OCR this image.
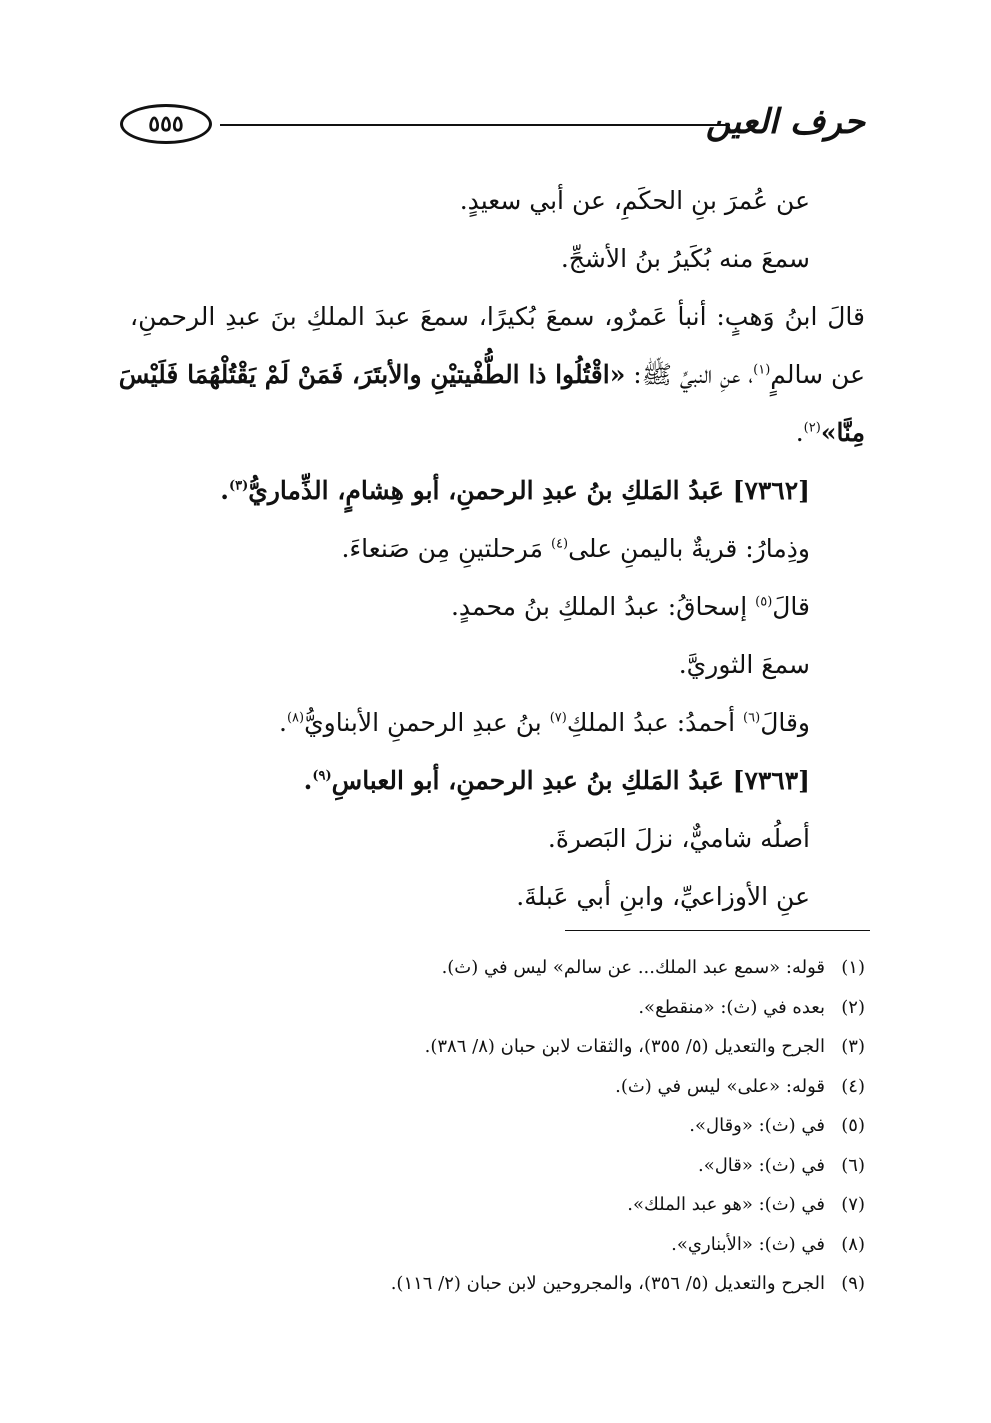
حرف العين
٥٥٥
عن عُمرَ بنِ الحكَمِ، عن أبي سعيدٍ.
سمعَ منه بُكَيرُ بنُ الأشجِّ.
قالَ ابنُ وَهبٍ: أنبأ عَمرٌو، سمعَ بُكيرًا، سمعَ عبدَ الملكِ بنَ عبدِ الرحمنِ،
عن سالمٍ$^{(١)}$، عنِ النبيِّ ﷺ: «اقْتُلُوا ذا الطُّفْيتيْنِ والأبتَرَ، فَمَنْ لَمْ يَقْتُلْهُمَا فَلَيْسَ
مِنَّا»$^{(٢)}$.
[٧٣٦٢] عَبدُ المَلكِ بنُ عبدِ الرحمنِ، أبو هِشامٍ، الذِّماريُّ$^{(٣)}$.
وذِمارُ: قريةٌ باليمنِ على$^{(٤)}$ مَرحلتينِ مِن صَنعاءَ.
قالَ$^{(٥)}$ إسحاقُ: عبدُ الملكِ بنُ محمدٍ.
سمعَ الثوريَّ.
وقالَ$^{(٦)}$ أحمدُ: عبدُ الملكِ$^{(٧)}$ بنُ عبدِ الرحمنِ الأبناويُّ$^{(٨)}$.
[٧٣٦٣] عَبدُ المَلكِ بنُ عبدِ الرحمنِ، أبو العباسِ$^{(٩)}$.
أصلُه شاميٌّ، نزلَ البَصرةَ.
عنِ الأوزاعيِّ، وابنِ أبي عَبلةَ.
(١)قوله: «سمع عبد الملك... عن سالم» ليس في (ث).
(٢)بعده في (ث): «منقطع».
(٣)الجرح والتعديل (٥/ ٣٥٥)، والثقات لابن حبان (٨/ ٣٨٦).
(٤)قوله: «على» ليس في (ث).
(٥)في (ث): «وقال».
(٦)في (ث): «قال».
(٧)في (ث): «هو عبد الملك».
(٨)في (ث): «الأبناري».
(٩)الجرح والتعديل (٥/ ٣٥٦)، والمجروحين لابن حبان (٢/ ١١٦).
